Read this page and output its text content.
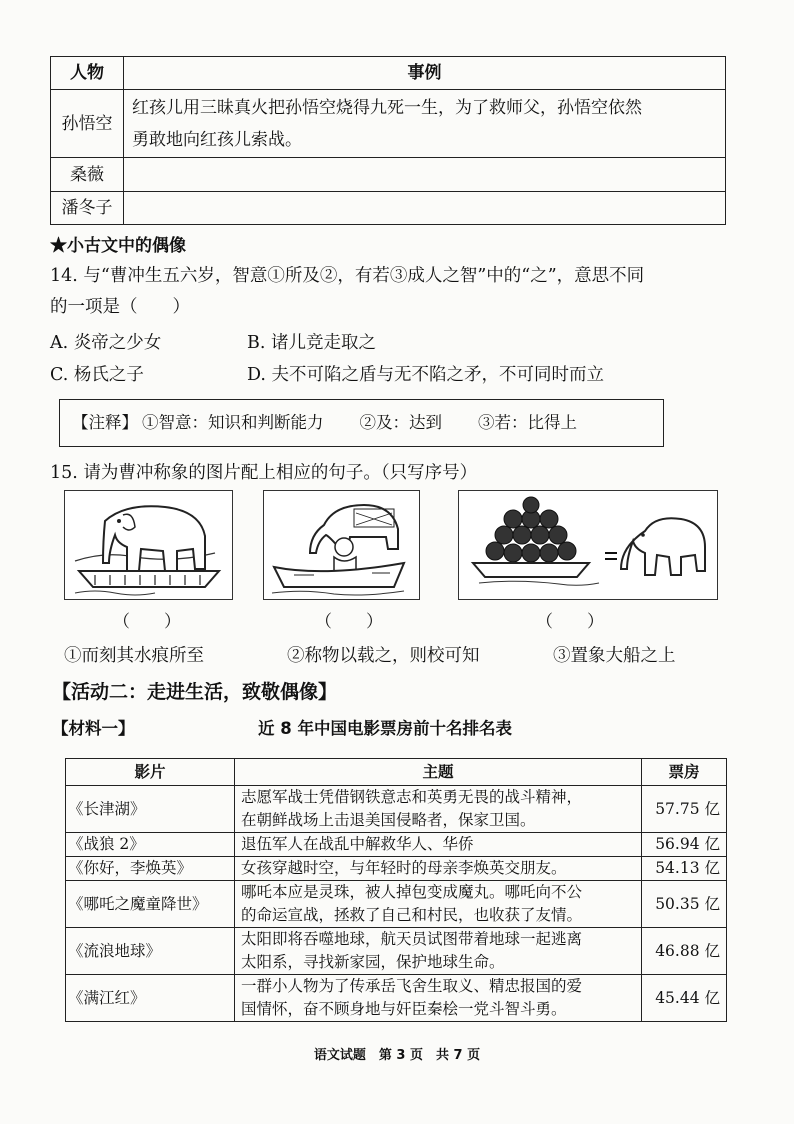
人物	事例
孙悟空	红孩儿用三昧真火把孙悟空烧得九死一生，为了救师父，孙悟空依然
勇敢地向红孩儿索战。

桑薇	
潘冬子	
★小古文中的偶像
14. 与“曹冲生五六岁，智意①所及②，有若③成人之智”中的“之”，意思不同
的一项是（　　）
A. 炎帝之少女	B. 诸儿竞走取之
C. 杨氏之子	D. 夫不可陷之盾与无不陷之矛，不可同时而立
【注释】 ①智意：知识和判断能力 ②及：达到 ③若：比得上
15. 请为曹冲称象的图片配上相应的句子。（只写序号）
（　　）	（　　）	（　　）
①而刻其水痕所至	②称物以载之，则校可知	③置象大船之上
【活动二：走进生活，致敬偶像】
【材料一】	近 8 年中国电影票房前十名排名表
影片	主题	票房
《长津湖》	志愿军战士凭借钢铁意志和英勇无畏的战斗精神，
在朝鲜战场上击退美国侵略者，保家卫国。	57.75 亿
《战狼 2》	退伍军人在战乱中解救华人、华侨	56.94 亿
《你好，李焕英》	女孩穿越时空，与年轻时的母亲李焕英交朋友。	54.13 亿
《哪吒之魔童降世》	哪吒本应是灵珠，被人掉包变成魔丸。哪吒向不公
的命运宣战，拯救了自己和村民，也收获了友情。	50.35 亿
《流浪地球》	太阳即将吞噬地球，航天员试图带着地球一起逃离
太阳系，寻找新家园，保护地球生命。	46.88 亿
《满江红》	一群小人物为了传承岳飞舍生取义、精忠报国的爱
国情怀，奋不顾身地与奸臣秦桧一党斗智斗勇。	45.44 亿
语文试题　第 3 页　共 7 页
